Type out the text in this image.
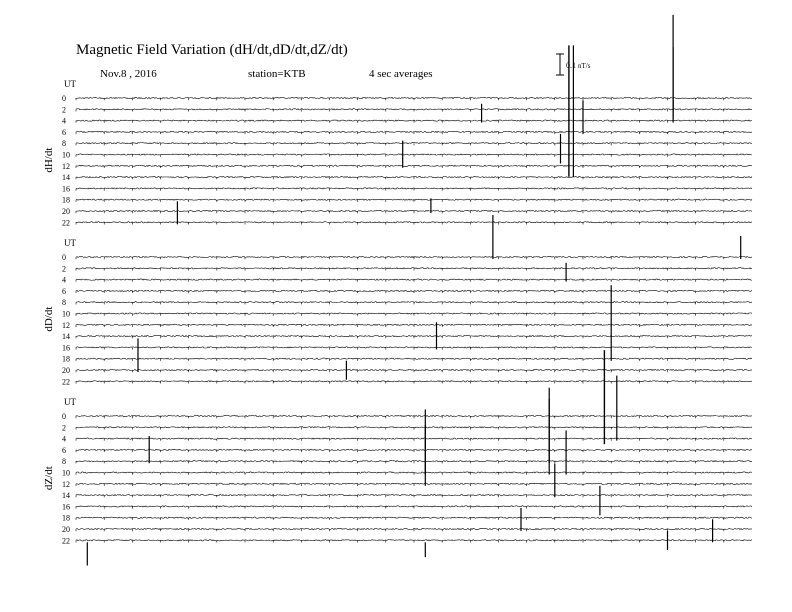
Magnetic Field Variation (dH/dt,dD/dt,dZ/dt)
Nov.8 , 2016	station=KTB	4 sec averages
0.1 nT/s
UT
dH/dt
0
2
4
6
8
10
12
14
16
18
20
22
UT
dD/dt
0
2
4
6
8
10
12
14
16
18
20
22
UT
dZ/dt
0
2
4
6
8
10
12
14
16
18
20
22
